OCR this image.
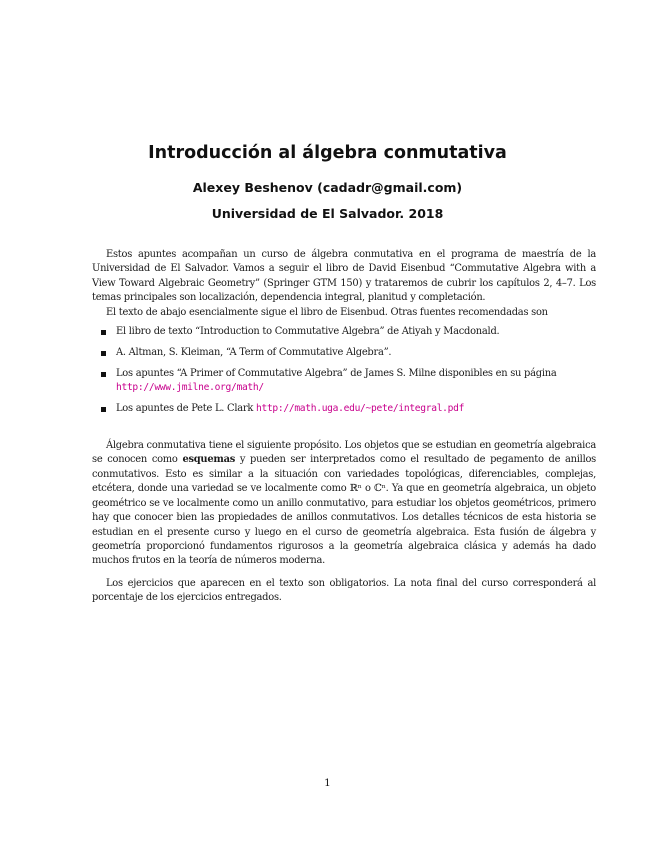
Introducción al álgebra conmutativa
Alexey Beshenov (cadadr@gmail.com)
Universidad de El Salvador. 2018

Estos apuntes acompañan un curso de álgebra conmutativa en el programa de maestría de la Universidad de El Salvador. Vamos a seguir el libro de David Eisenbud “Commutative Algebra with a View Toward Algebraic Geometry” (Springer GTM 150) y trataremos de cubrir los capítulos 2, 4–7. Los temas principales son localización, dependencia integral, planitud y completación.

El texto de abajo esencialmente sigue el libro de Eisenbud. Otras fuentes recomendadas son

El libro de texto “Introduction to Commutative Algebra” de Atiyah y Macdonald.
A. Altman, S. Kleiman, “A Term of Commutative Algebra”.
Los apuntes “A Primer of Commutative Algebra” de James S. Milne disponibles en su página http://www.jmilne.org/math/
Los apuntes de Pete L. Clark http://math.uga.edu/~pete/integral.pdf

Álgebra conmutativa tiene el siguiente propósito. Los objetos que se estudian en geometría algebraica se conocen como esquemas y pueden ser interpretados como el resultado de pegamento de anillos conmutativos. Esto es similar a la situación con variedades topológicas, diferenciables, complejas, etcétera, donde una variedad se ve localmente como ℝⁿ o ℂⁿ. Ya que en geometría algebraica, un objeto geométrico se ve localmente como un anillo conmutativo, para estudiar los objetos geométricos, primero hay que conocer bien las propiedades de anillos conmutativos. Los detalles técnicos de esta historia se estudian en el presente curso y luego en el curso de geometría algebraica. Esta fusión de álgebra y geometría proporcionó fundamentos rigurosos a la geometría algebraica clásica y además ha dado muchos frutos en la teoría de números moderna.

Los ejercicios que aparecen en el texto son obligatorios. La nota final del curso corresponderá al porcentaje de los ejercicios entregados.

1
